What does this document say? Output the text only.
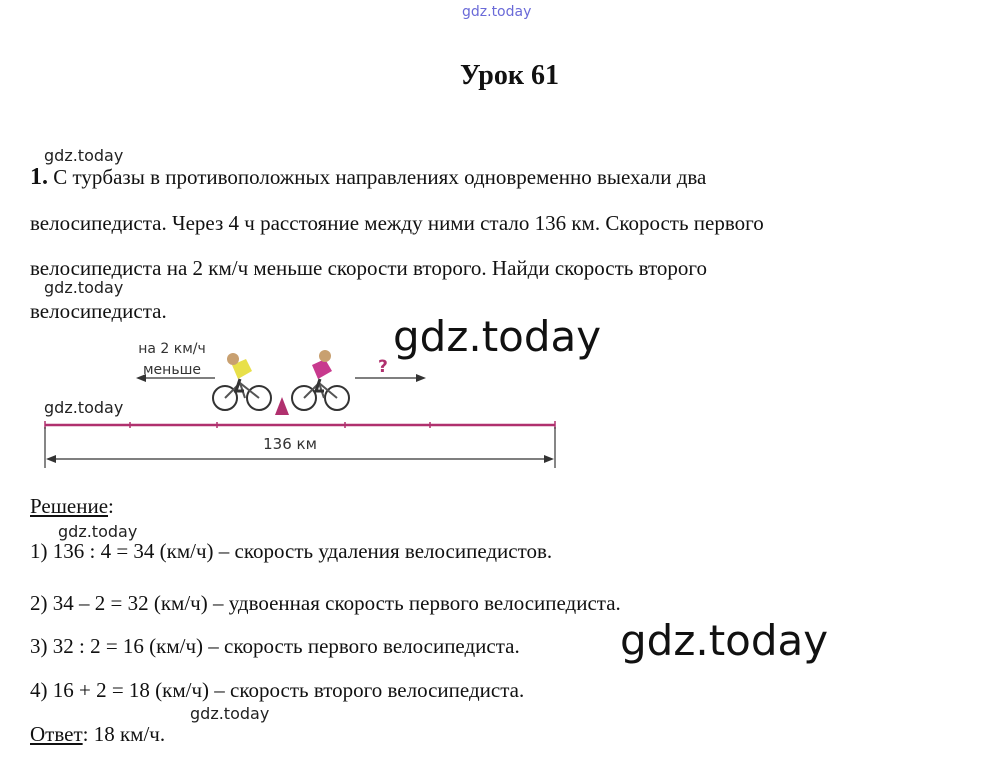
gdz.today
gdz.today
gdz.today
gdz.today
gdz.today
gdz.today
gdz.today
gdz.today
Урок 61
1. С турбазы в противоположных направлениях одновременно выехали два
велосипедиста. Через 4 ч расстояние между ними стало 136 км. Скорость первого
велосипедиста на 2 км/ч меньше скорости второго. Найди скорость второго
велосипедиста.
на 2 км/ч
меньше	?
136 км
Решение:
1) 136 : 4 = 34 (км/ч) – скорость удаления велосипедистов.
2) 34 – 2 = 32 (км/ч) – удвоенная скорость первого велосипедиста.
3) 32 : 2 = 16 (км/ч) – скорость первого велосипедиста.
4) 16 + 2 = 18 (км/ч) – скорость второго велосипедиста.
Ответ: 18 км/ч.
